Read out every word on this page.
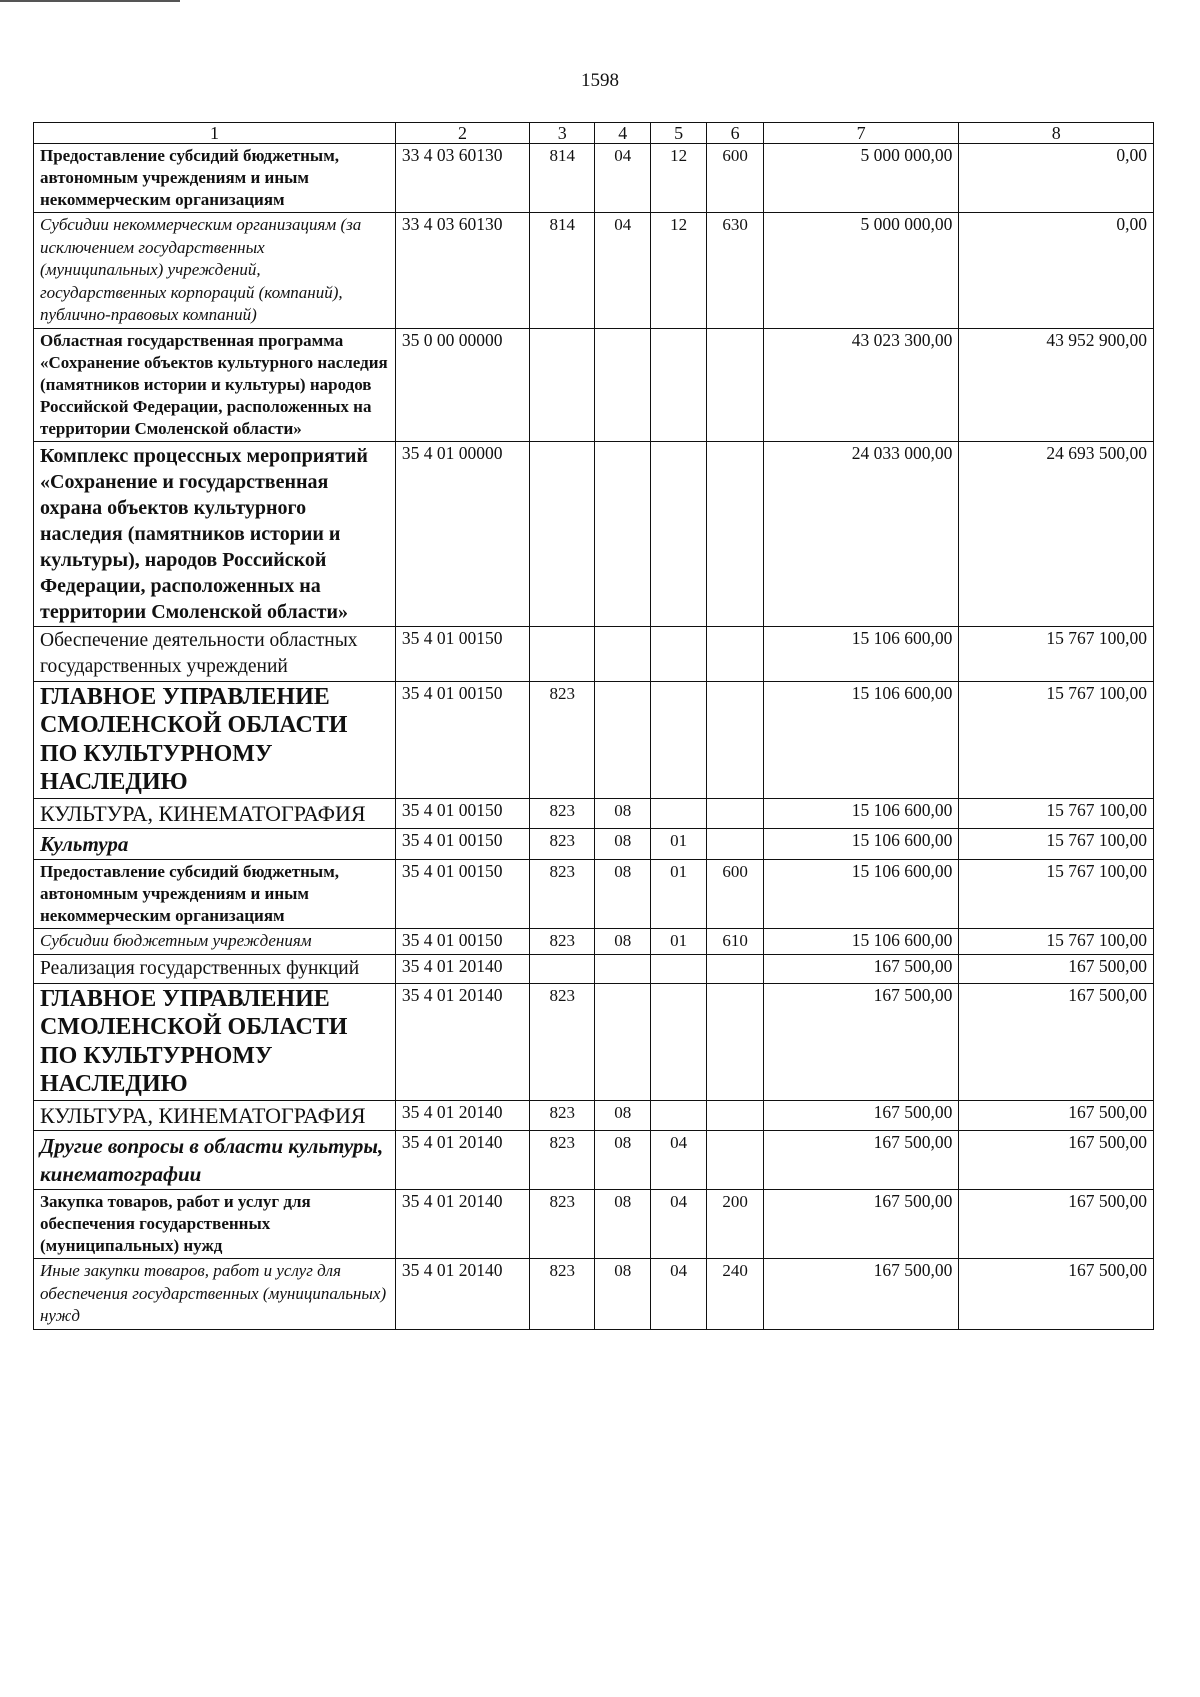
1598
1	2	3	4	5	6	7	8
Предоставление субсидий бюджетным, автономным учреждениям и иным некоммерческим организациям	33 4 03 60130	814	04	12	600	5 000 000,00	0,00
Субсидии некоммерческим организациям (за исключением государственных (муниципальных) учреждений, государственных корпораций (компаний), публично-правовых компаний)	33 4 03 60130	814	04	12	630	5 000 000,00	0,00
Областная государственная программа «Сохранение объектов культурного наследия (памятников истории и культуры) народов Российской Федерации, расположенных на территории Смоленской области»	35 0 00 00000					43 023 300,00	43 952 900,00
Комплекс процессных мероприятий «Сохранение и государственная охрана объектов культурного наследия (памятников истории и культуры), народов Российской Федерации, расположенных на территории Смоленской области»	35 4 01 00000					24 033 000,00	24 693 500,00
Обеспечение деятельности областных государственных учреждений	35 4 01 00150					15 106 600,00	15 767 100,00
ГЛАВНОЕ УПРАВЛЕНИЕ СМОЛЕНСКОЙ ОБЛАСТИ ПО КУЛЬТУРНОМУ НАСЛЕДИЮ	35 4 01 00150	823				15 106 600,00	15 767 100,00
КУЛЬТУРА, КИНЕМАТОГРАФИЯ	35 4 01 00150	823	08			15 106 600,00	15 767 100,00
Культура	35 4 01 00150	823	08	01		15 106 600,00	15 767 100,00
Предоставление субсидий бюджетным, автономным учреждениям и иным некоммерческим организациям	35 4 01 00150	823	08	01	600	15 106 600,00	15 767 100,00
Субсидии бюджетным учреждениям	35 4 01 00150	823	08	01	610	15 106 600,00	15 767 100,00
Реализация государственных функций	35 4 01 20140					167 500,00	167 500,00
ГЛАВНОЕ УПРАВЛЕНИЕ СМОЛЕНСКОЙ ОБЛАСТИ ПО КУЛЬТУРНОМУ НАСЛЕДИЮ	35 4 01 20140	823				167 500,00	167 500,00
КУЛЬТУРА, КИНЕМАТОГРАФИЯ	35 4 01 20140	823	08			167 500,00	167 500,00
Другие вопросы в области культуры, кинематографии	35 4 01 20140	823	08	04		167 500,00	167 500,00
Закупка товаров, работ и услуг для обеспечения государственных (муниципальных) нужд	35 4 01 20140	823	08	04	200	167 500,00	167 500,00
Иные закупки товаров, работ и услуг для обеспечения государственных (муниципальных) нужд	35 4 01 20140	823	08	04	240	167 500,00	167 500,00
